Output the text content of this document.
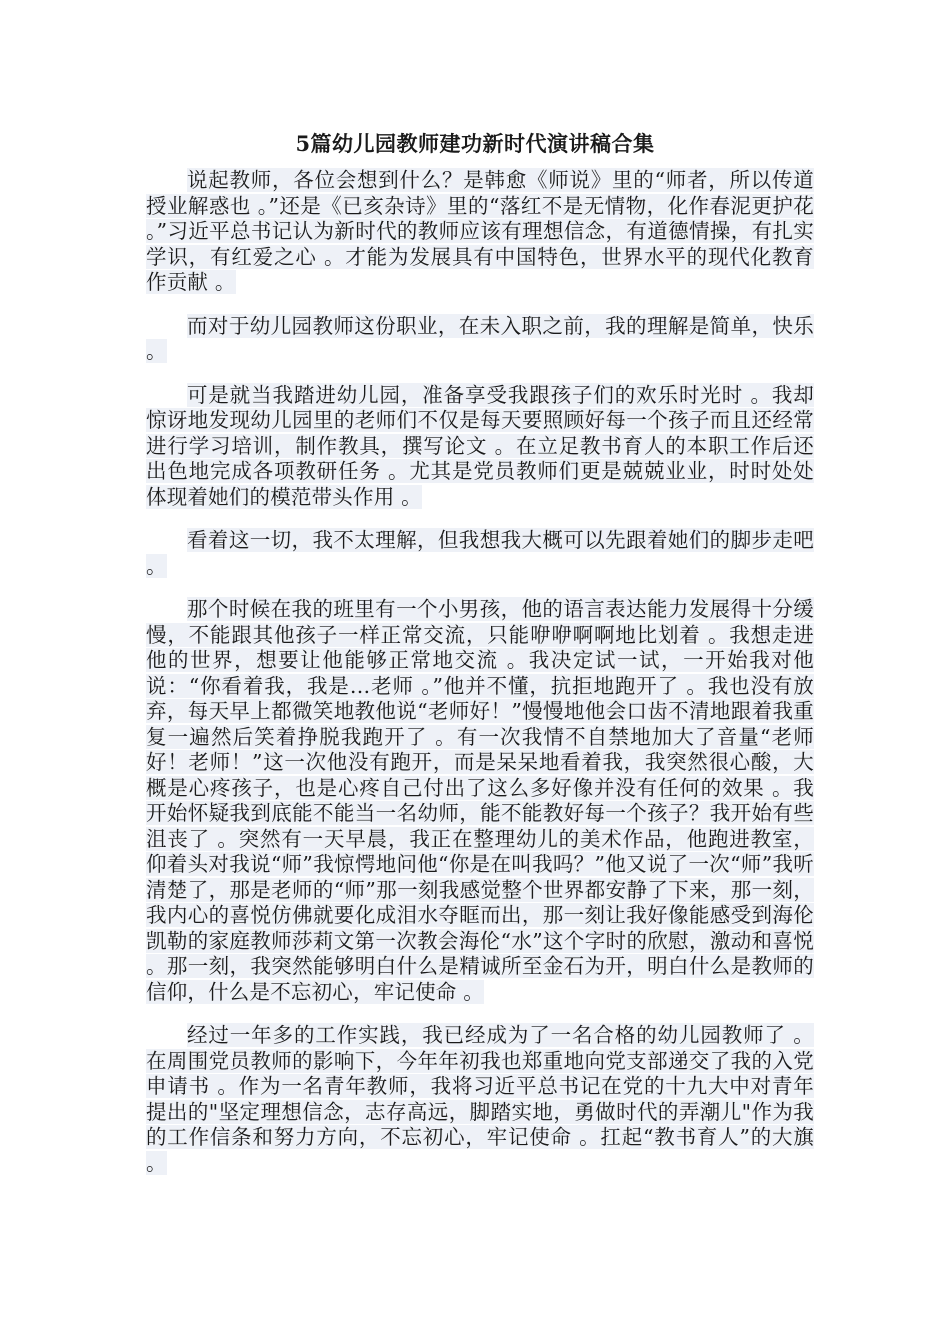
5篇幼儿园教师建功新时代演讲稿合集

说起教师，各位会想到什么？是韩愈《师说》里的“师者，所以传道授业解惑也 。”还是《已亥杂诗》里的“落红不是无情物，化作春泥更护花 。”习近平总书记认为新时代的教师应该有理想信念，有道德情操，有扎实学识，有红爱之心 。才能为发展具有中国特色，世界水平的现代化教育作贡献 。

而对于幼儿园教师这份职业，在未入职之前，我的理解是简单，快乐 。

可是就当我踏进幼儿园，准备享受我跟孩子们的欢乐时光时 。我却惊讶地发现幼儿园里的老师们不仅是每天要照顾好每一个孩子而且还经常进行学习培训，制作教具，撰写论文 。在立足教书育人的本职工作后还出色地完成各项教研任务 。尤其是党员教师们更是兢兢业业，时时处处体现着她们的模范带头作用 。

看着这一切，我不太理解，但我想我大概可以先跟着她们的脚步走吧 。

那个时候在我的班里有一个小男孩，他的语言表达能力发展得十分缓慢，不能跟其他孩子一样正常交流，只能咿咿啊啊地比划着 。我想走进他的世界，想要让他能够正常地交流 。我决定试一试，一开始我对他说：“你看着我，我是…老师 。”他并不懂，抗拒地跑开了 。我也没有放弃，每天早上都微笑地教他说“老师好！”慢慢地他会口齿不清地跟着我重复一遍然后笑着挣脱我跑开了 。有一次我情不自禁地加大了音量“老师好！老师！”这一次他没有跑开，而是呆呆地看着我，我突然很心酸，大概是心疼孩子，也是心疼自己付出了这么多好像并没有任何的效果 。我开始怀疑我到底能不能当一名幼师，能不能教好每一个孩子？我开始有些沮丧了 。突然有一天早晨，我正在整理幼儿的美术作品，他跑进教室，仰着头对我说“师”我惊愕地问他“你是在叫我吗？”他又说了一次“师”我听清楚了，那是老师的“师”那一刻我感觉整个世界都安静了下来，那一刻，我内心的喜悦仿佛就要化成泪水夺眶而出，那一刻让我好像能感受到海伦凯勒的家庭教师莎莉文第一次教会海伦“水”这个字时的欣慰，激动和喜悦 。那一刻，我突然能够明白什么是精诚所至金石为开，明白什么是教师的信仰，什么是不忘初心，牢记使命 。

经过一年多的工作实践，我已经成为了一名合格的幼儿园教师了 。在周围党员教师的影响下，今年年初我也郑重地向党支部递交了我的入党申请书 。作为一名青年教师，我将习近平总书记在党的十九大中对青年提出的"坚定理想信念，志存高远，脚踏实地，勇做时代的弄潮儿"作为我的工作信条和努力方向，不忘初心，牢记使命 。扛起“教书育人”的大旗 。
